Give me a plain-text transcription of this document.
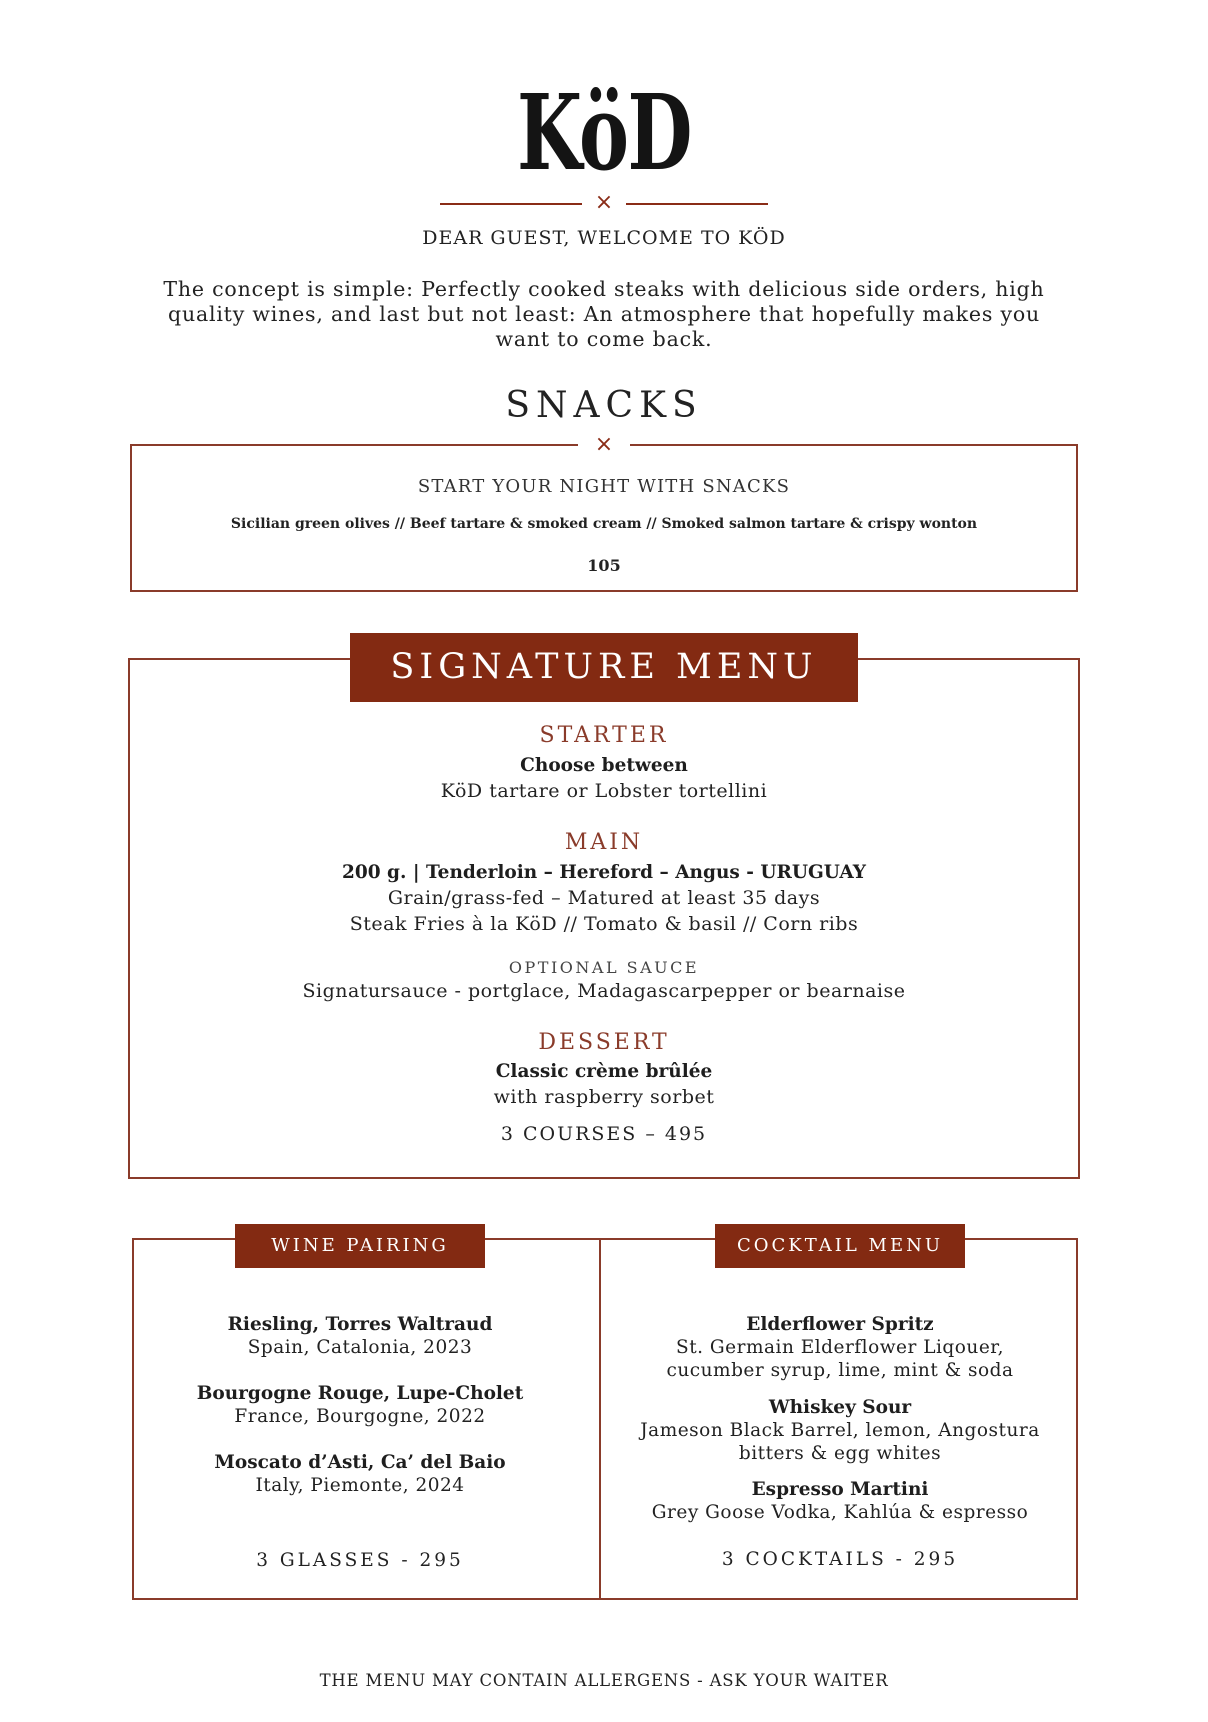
KöD
×
DEAR GUEST, WELCOME TO KÖD
The concept is simple: Perfectly cooked steaks with delicious side orders, high quality wines, and last but not least: An atmosphere that hopefully makes you want to come back.
SNACKS
×
START YOUR NIGHT WITH SNACKS
Sicilian green olives // Beef tartare & smoked cream // Smoked salmon tartare & crispy wonton
105
SIGNATURE MENU
STARTER
Choose between
KöD tartare or Lobster tortellini
MAIN
200 g. | Tenderloin – Hereford – Angus - URUGUAY
Grain/grass-fed – Matured at least 35 days
Steak Fries à la KöD // Tomato & basil // Corn ribs
OPTIONAL SAUCE
Signatursauce - portglace, Madagascarpepper or bearnaise
DESSERT
Classic crème brûlée
with raspberry sorbet
3 COURSES – 495
WINE PAIRING	COCKTAIL MENU
Riesling, Torres Waltraud
Spain, Catalonia, 2023
Bourgogne Rouge, Lupe-Cholet
France, Bourgogne, 2022
Moscato d’Asti, Ca’ del Baio
Italy, Piemonte, 2024
3 GLASSES - 295
Elderflower Spritz
St. Germain Elderflower Liqouer,
cucumber syrup, lime, mint & soda
Whiskey Sour
Jameson Black Barrel, lemon, Angostura
bitters & egg whites
Espresso Martini
Grey Goose Vodka, Kahlúa & espresso
3 COCKTAILS - 295
THE MENU MAY CONTAIN ALLERGENS - ASK YOUR WAITER
